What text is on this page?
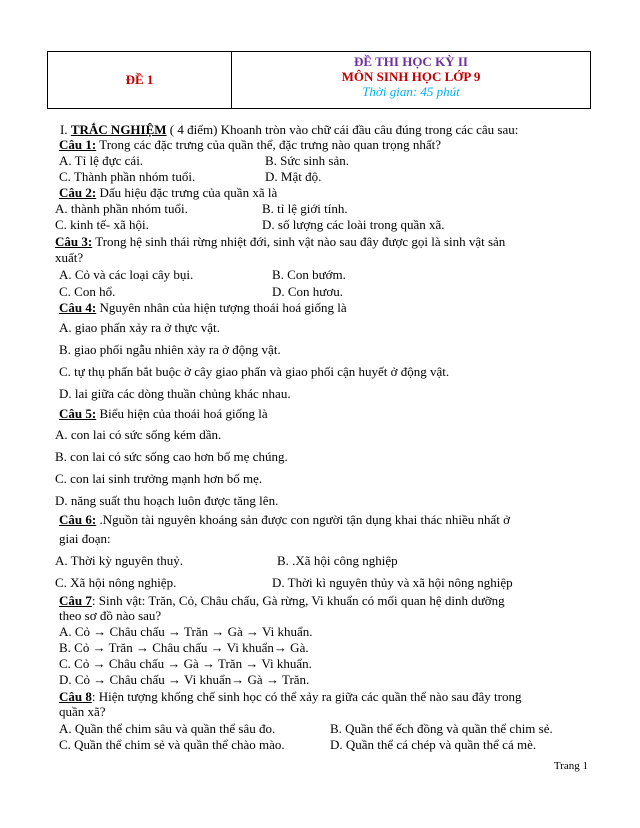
ĐỀ 1
ĐỀ THI HỌC KỲ II
MÔN SINH HỌC LỚP 9
Thời gian: 45 phút
I. TRẮC NGHIỆM ( 4 điểm) Khoanh tròn vào chữ cái đầu câu đúng trong các câu sau:
Câu 1: Trong các đặc trưng của quần thể, đặc trưng nào quan trọng nhất?
A. Tỉ lệ đực cái.	B. Sức sinh sản.
C. Thành phần nhóm tuổi.	D. Mật độ.
Câu 2: Dấu hiệu đặc trưng của quần xã là
A. thành phần nhóm tuổi.	B. tỉ lệ giới tính.
C. kinh tế- xã hội.	D. số lượng các loài trong quần xã.
Câu 3: Trong hệ sinh thái rừng nhiệt đới, sinh vật nào sau đây được gọi là sinh vật sản
xuất?
A. Cỏ và các loại cây bụi.	B. Con bướm.
C. Con hổ.	D. Con hươu.
Câu 4: Nguyên nhân của hiện tượng thoái hoá giống là
A. giao phấn xảy ra ở thực vật.
B. giao phối ngẫu nhiên xảy ra ở động vật.
C. tự thụ phấn bắt buộc ở cây giao phấn và giao phối cận huyết ở động vật.
D. lai giữa các dòng thuần chủng khác nhau.
Câu 5: Biểu hiện của thoái hoá giống là
A. con lai có sức sống kém dần.
B. con lai có sức sống cao hơn bố mẹ chúng.
C. con lai sinh trưởng mạnh hơn bố mẹ.
D. năng suất thu hoạch luôn được tăng lên.
Câu 6: .Nguồn tài nguyên khoáng sản được con người tận dụng khai thác nhiều nhất ở
giai đoạn:
A. Thời kỳ nguyên thuỷ.	B. .Xã hội công nghiệp
C. Xã hội nông nghiệp.	D. Thời kì nguyên thủy và xã hội nông nghiệp
Câu 7: Sinh vật: Trăn, Cỏ, Châu chấu, Gà rừng, Vi khuẩn có mối quan hệ dinh dưỡng
theo sơ đồ nào sau?
A. Cỏ → Châu chấu → Trăn → Gà → Vi khuẩn.
B. Cỏ → Trăn → Châu chấu → Vi khuẩn→ Gà.
C. Cỏ → Châu chấu → Gà → Trăn → Vi khuẩn.
D. Cỏ → Châu chấu → Vi khuẩn→ Gà → Trăn.
Câu 8: Hiện tượng khống chế sinh học có thể xảy ra giữa các quần thể nào sau đây trong
quần xã?
A. Quần thể chim sâu và quần thể sâu đo.	B. Quần thể ếch đồng và quần thể chim sẻ.
C. Quần thể chim sẻ và quần thể chào mào.	D. Quần thể cá chép và quần thể cá mè.
Trang 1
